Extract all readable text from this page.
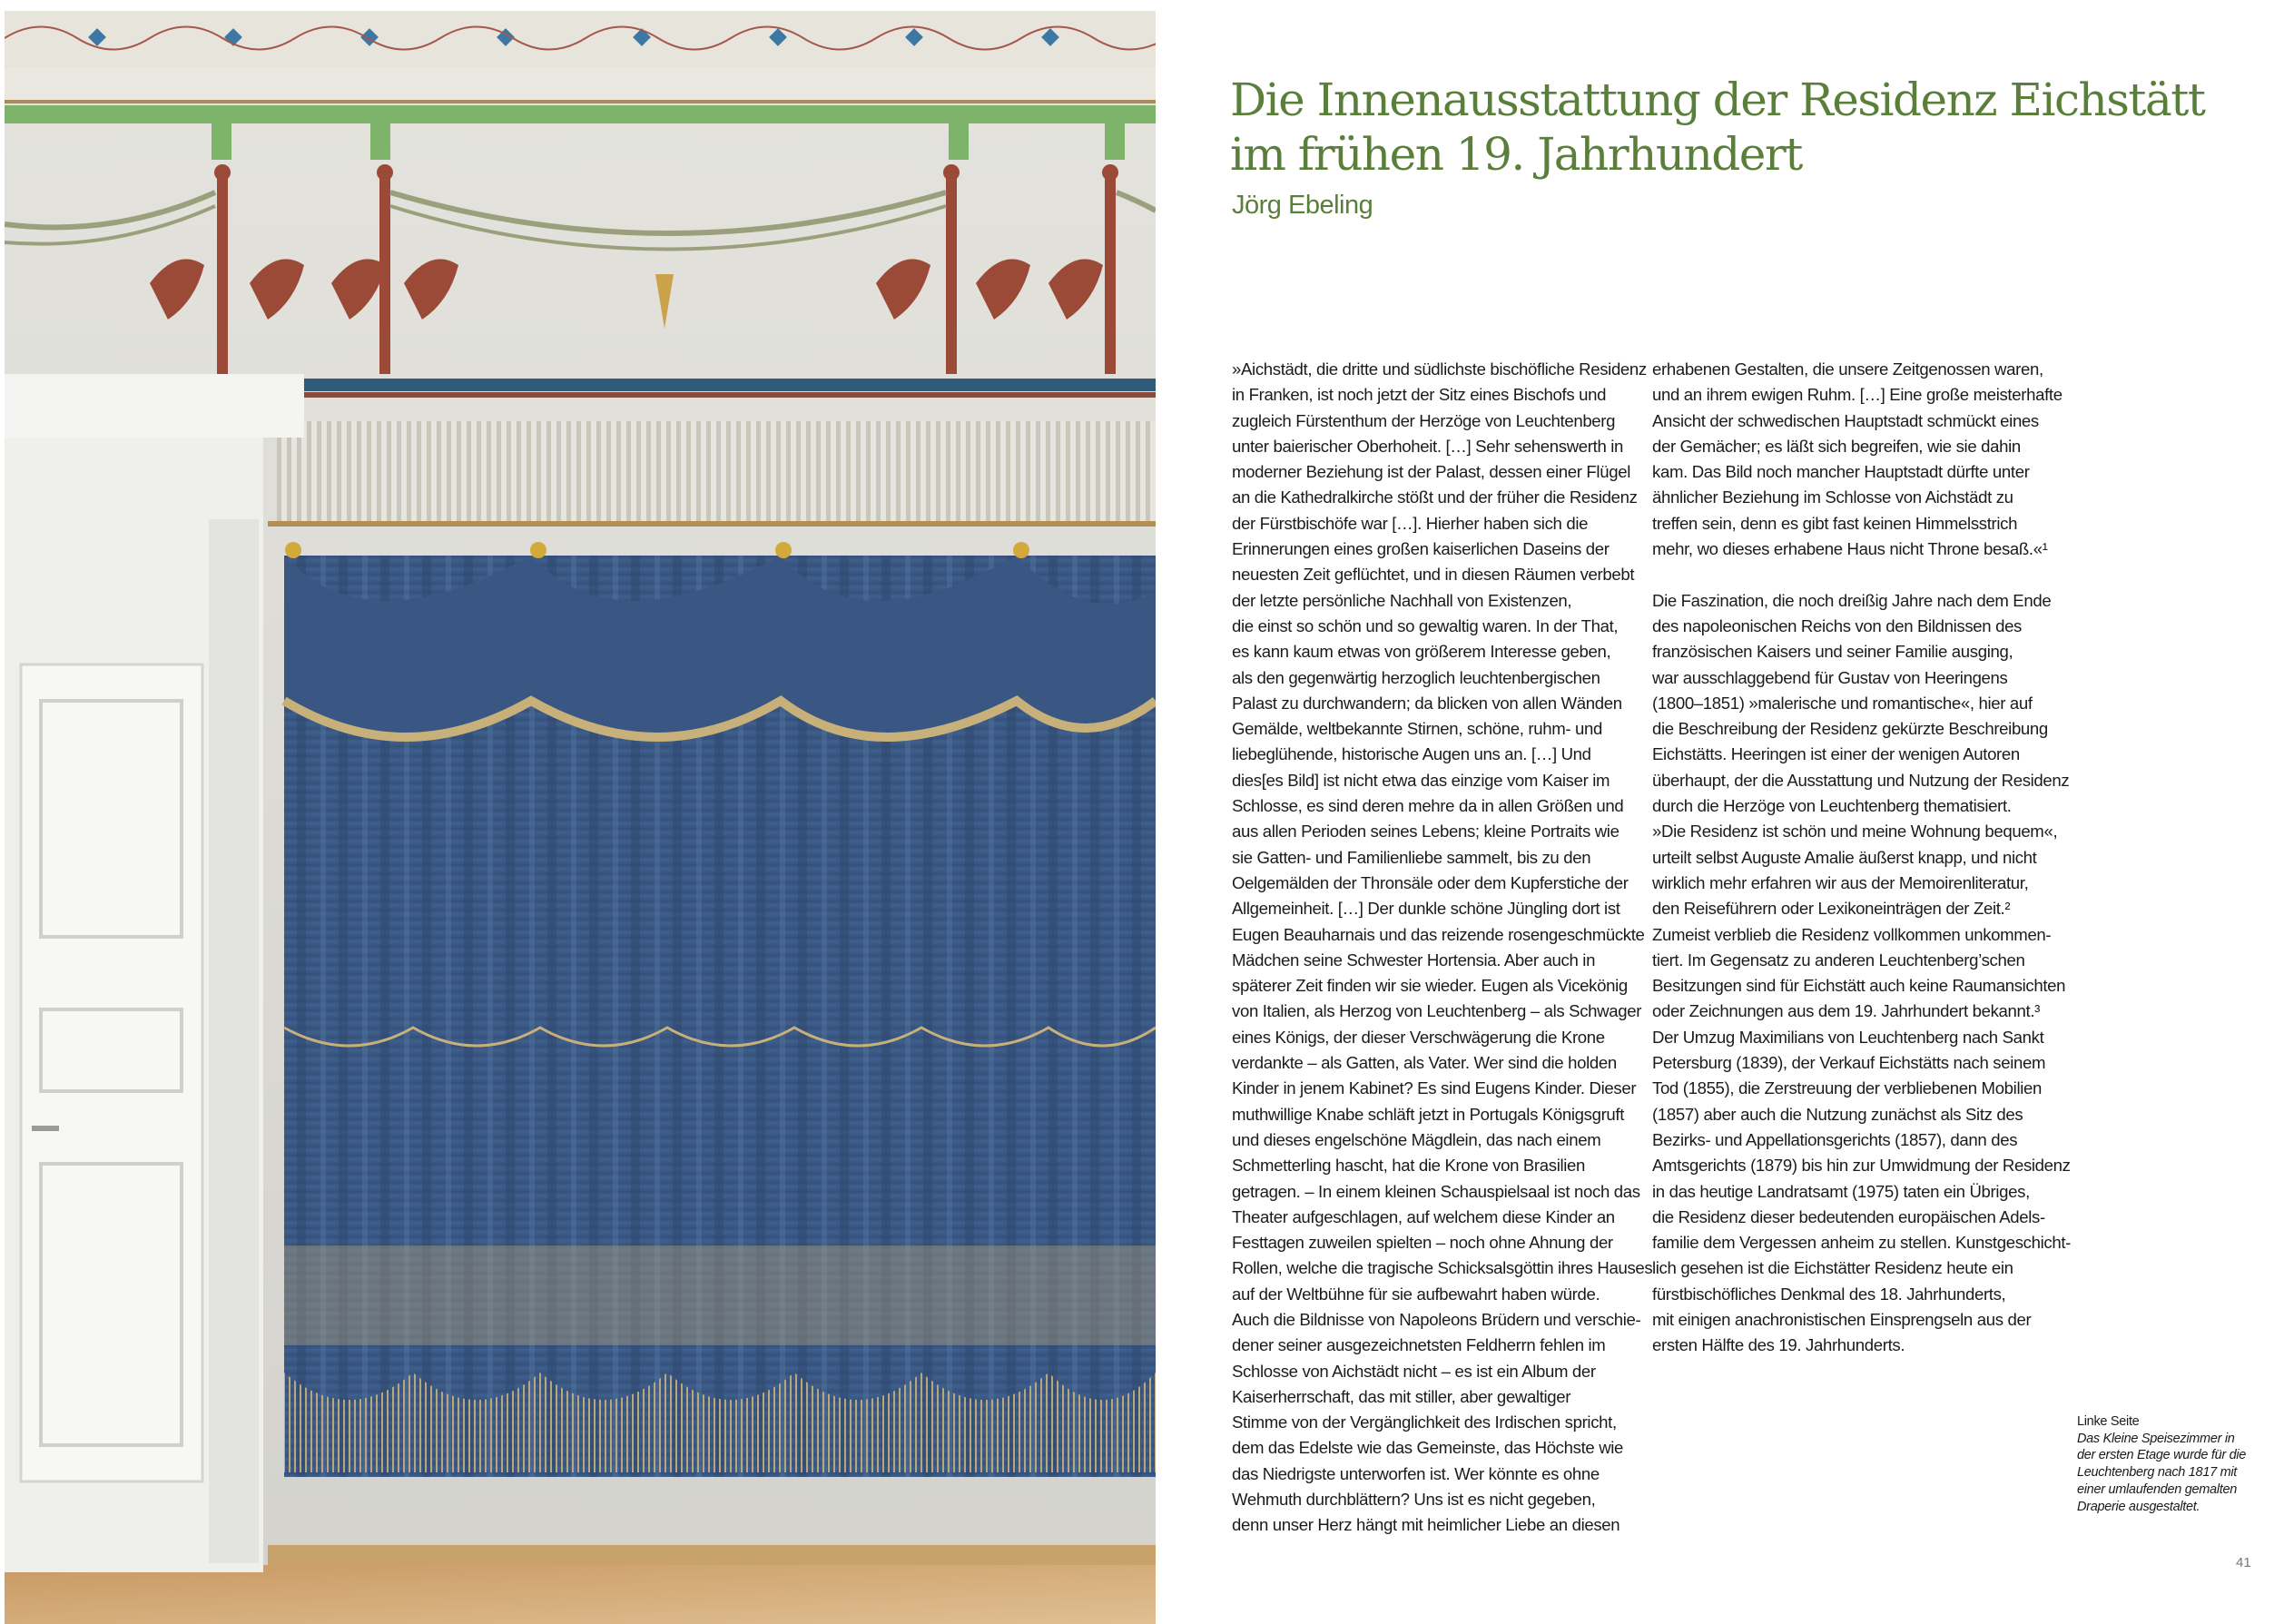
Die Innenausstattung der Residenz Eichstätt
im frühen 19. Jahrhundert
Jörg Ebeling
»Aichstädt, die dritte und südlichste bischöfliche Residenz
in Franken, ist noch jetzt der Sitz eines Bischofs und
zugleich Fürstenthum der Herzöge von Leuchtenberg
unter baierischer Oberhoheit. […] Sehr sehenswerth in
moderner Beziehung ist der Palast, dessen einer Flügel
an die Kathedralkirche stößt und der früher die Residenz
der Fürstbischöfe war […]. Hierher haben sich die
Erinnerungen eines großen kaiserlichen Daseins der
neuesten Zeit geflüchtet, und in diesen Räumen verbebt
der letzte persönliche Nachhall von Existenzen,
die einst so schön und so gewaltig waren. In der That,
es kann kaum etwas von größerem Interesse geben,
als den gegenwärtig herzoglich leuchtenbergischen
Palast zu durchwandern; da blicken von allen Wänden
Gemälde, weltbekannte Stirnen, schöne, ruhm- und
liebeglühende, historische Augen uns an. […] Und
dies[es Bild] ist nicht etwa das einzige vom Kaiser im
Schlosse, es sind deren mehre da in allen Größen und
aus allen Perioden seines Lebens; kleine Portraits wie
sie Gatten- und Familienliebe sammelt, bis zu den
Oelgemälden der Thronsäle oder dem Kupferstiche der
Allgemeinheit. […] Der dunkle schöne Jüngling dort ist
Eugen Beauharnais und das reizende rosengeschmückte
Mädchen seine Schwester Hortensia. Aber auch in
späterer Zeit finden wir sie wieder. Eugen als Vicekönig
von Italien, als Herzog von Leuchtenberg – als Schwager
eines Königs, der dieser Verschwägerung die Krone
verdankte – als Gatten, als Vater. Wer sind die holden
Kinder in jenem Kabinet? Es sind Eugens Kinder. Dieser
muthwillige Knabe schläft jetzt in Portugals Königsgruft
und dieses engelschöne Mägdlein, das nach einem
Schmetterling hascht, hat die Krone von Brasilien
getragen. – In einem kleinen Schauspielsaal ist noch das
Theater aufgeschlagen, auf welchem diese Kinder an
Festtagen zuweilen spielten – noch ohne Ahnung der
Rollen, welche die tragische Schicksalsgöttin ihres Hauses
auf der Weltbühne für sie aufbewahrt haben würde.
Auch die Bildnisse von Napoleons Brüdern und verschie-
dener seiner ausgezeichnetsten Feldherrn fehlen im
Schlosse von Aichstädt nicht – es ist ein Album der
Kaiserherrschaft, das mit stiller, aber gewaltiger
Stimme von der Vergänglichkeit des Irdischen spricht,
dem das Edelste wie das Gemeinste, das Höchste wie
das Niedrigste unterworfen ist. Wer könnte es ohne
Wehmuth durchblättern? Uns ist es nicht gegeben,
denn unser Herz hängt mit heimlicher Liebe an diesen
erhabenen Gestalten, die unsere Zeitgenossen waren,
und an ihrem ewigen Ruhm. […] Eine große meisterhafte
Ansicht der schwedischen Hauptstadt schmückt eines
der Gemächer; es läßt sich begreifen, wie sie dahin
kam. Das Bild noch mancher Hauptstadt dürfte unter
ähnlicher Beziehung im Schlosse von Aichstädt zu
treffen sein, denn es gibt fast keinen Himmelsstrich
mehr, wo dieses erhabene Haus nicht Throne besaß.«¹
Die Faszination, die noch dreißig Jahre nach dem Ende
des napoleonischen Reichs von den Bildnissen des
französischen Kaisers und seiner Familie ausging,
war ausschlaggebend für Gustav von Heeringens
(1800–1851) »malerische und romantische«, hier auf
die Beschreibung der Residenz gekürzte Beschreibung
Eichstätts. Heeringen ist einer der wenigen Autoren
überhaupt, der die Ausstattung und Nutzung der Residenz
durch die Herzöge von Leuchtenberg thematisiert.
»Die Residenz ist schön und meine Wohnung bequem«,
urteilt selbst Auguste Amalie äußerst knapp, und nicht
wirklich mehr erfahren wir aus der Memoirenliteratur,
den Reiseführern oder Lexikoneinträgen der Zeit.²
Zumeist verblieb die Residenz vollkommen unkommen-
tiert. Im Gegensatz zu anderen Leuchtenberg’schen
Besitzungen sind für Eichstätt auch keine Raumansichten
oder Zeichnungen aus dem 19. Jahrhundert bekannt.³
Der Umzug Maximilians von Leuchtenberg nach Sankt
Petersburg (1839), der Verkauf Eichstätts nach seinem
Tod (1855), die Zerstreuung der verbliebenen Mobilien
(1857) aber auch die Nutzung zunächst als Sitz des
Bezirks- und Appellationsgerichts (1857), dann des
Amtsgerichts (1879) bis hin zur Umwidmung der Residenz
in das heutige Landratsamt (1975) taten ein Übriges,
die Residenz dieser bedeutenden europäischen Adels-
familie dem Vergessen anheim zu stellen. Kunstgeschicht-
lich gesehen ist die Eichstätter Residenz heute ein
fürstbischöfliches Denkmal des 18. Jahrhunderts,
mit einigen anachronistischen Einsprengseln aus der
ersten Hälfte des 19. Jahrhunderts.
Linke Seite
Das Kleine Speisezimmer in
der ersten Etage wurde für die
Leuchtenberg nach 1817 mit
einer umlaufenden gemalten
Draperie ausgestaltet.
41
